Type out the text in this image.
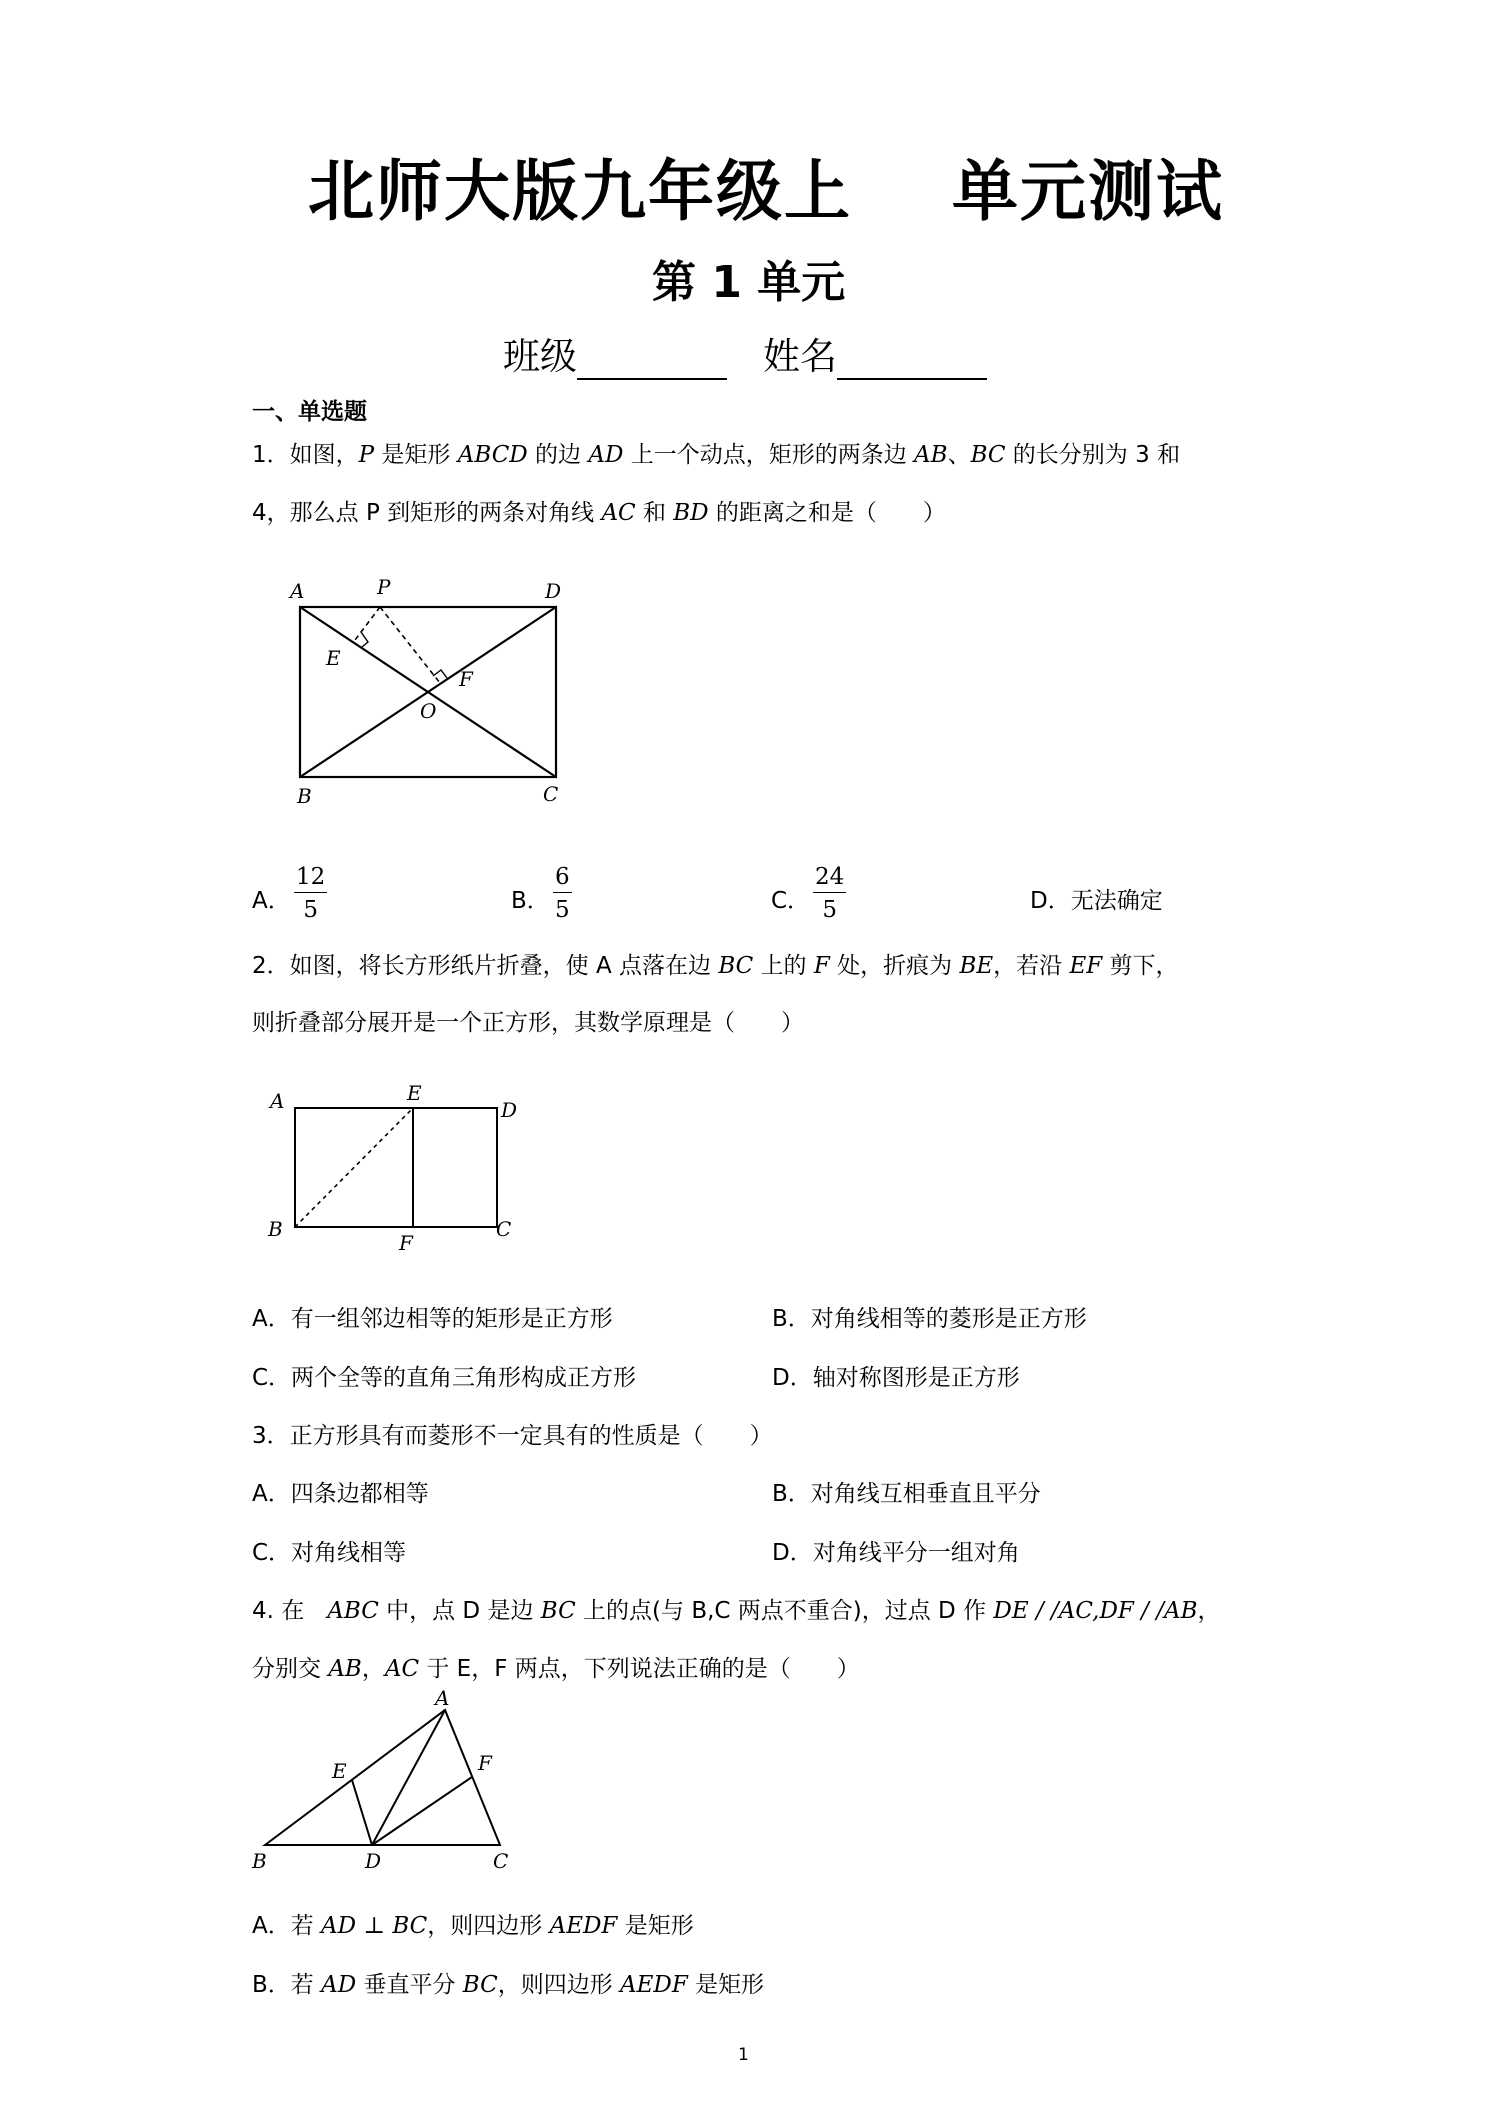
北师大版九年级上 单元测试
第 1 单元
班级	姓名
一、单选题
1．如图，P 是矩形 ABCD 的边 AD 上一个动点，矩形的两条边 AB、BC 的长分别为 3 和
4，那么点 P 到矩形的两条对角线 AC 和 BD 的距离之和是（　　）
A	P	D
E
F
O
B	C
A． $\frac{12}{5}$	B． $\frac{6}{5}$	C． $\frac{24}{5}$	D．无法确定
2．如图，将长方形纸片折叠，使 A 点落在边 BC 上的 F 处，折痕为 BE，若沿 EF 剪下，
则折叠部分展开是一个正方形，其数学原理是（　　）
A	E
D
B
F
C
A．有一组邻边相等的矩形是正方形	B．对角线相等的菱形是正方形
C．两个全等的直角三角形构成正方形	D．轴对称图形是正方形
3．正方形具有而菱形不一定具有的性质是（　　）
A．四条边都相等	B．对角线互相垂直且平分
C．对角线相等	D．对角线平分一组对角
4. 在　ABC 中，点 D 是边 BC 上的点(与 B,C 两点不重合)，过点 D 作 DE / /AC,DF / /AB，
分别交 AB，AC 于 E，F 两点，下列说法正确的是（　　）
A
E	F
B	D	C
A．若 AD ⊥ BC，则四边形 AEDF 是矩形
B．若 AD 垂直平分 BC，则四边形 AEDF 是矩形
1
